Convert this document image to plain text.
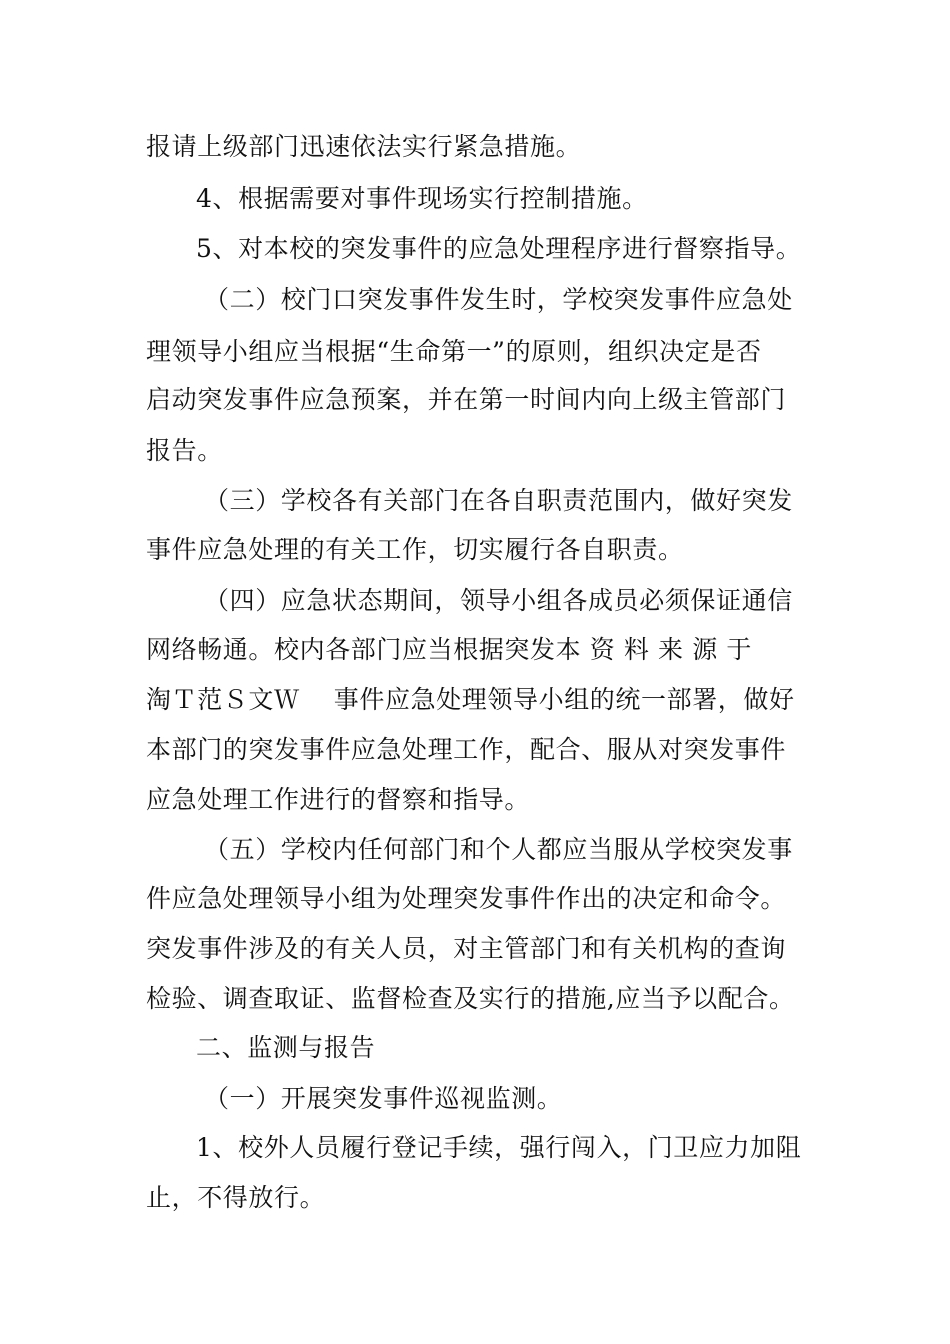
报请上级部门迅速依法实行紧急措施。
4、根据需要对事件现场实行控制措施。
5、对本校的突发事件的应急处理程序进行督察指导。
（二）校门口突发事件发生时，学校突发事件应急处
理领导小组应当根据“生命第一”的原则，组织决定是否
启动突发事件应急预案，并在第一时间内向上级主管部门
报告。
（三）学校各有关部门在各自职责范围内，做好突发
事件应急处理的有关工作，切实履行各自职责。
（四）应急状态期间，领导小组各成员必须保证通信
网络畅通。校内各部门应当根据突发本 资 料 来 源 于
淘Ｔ范Ｓ文Ｗ    事件应急处理领导小组的统一部署，做好
本部门的突发事件应急处理工作，配合、服从对突发事件
应急处理工作进行的督察和指导。
（五）学校内任何部门和个人都应当服从学校突发事
件应急处理领导小组为处理突发事件作出的决定和命令。
突发事件涉及的有关人员，对主管部门和有关机构的查询
检验、调查取证、监督检查及实行的措施,应当予以配合。
二、监测与报告
（一）开展突发事件巡视监测。
1、校外人员履行登记手续，强行闯入，门卫应力加阻
止，不得放行。
